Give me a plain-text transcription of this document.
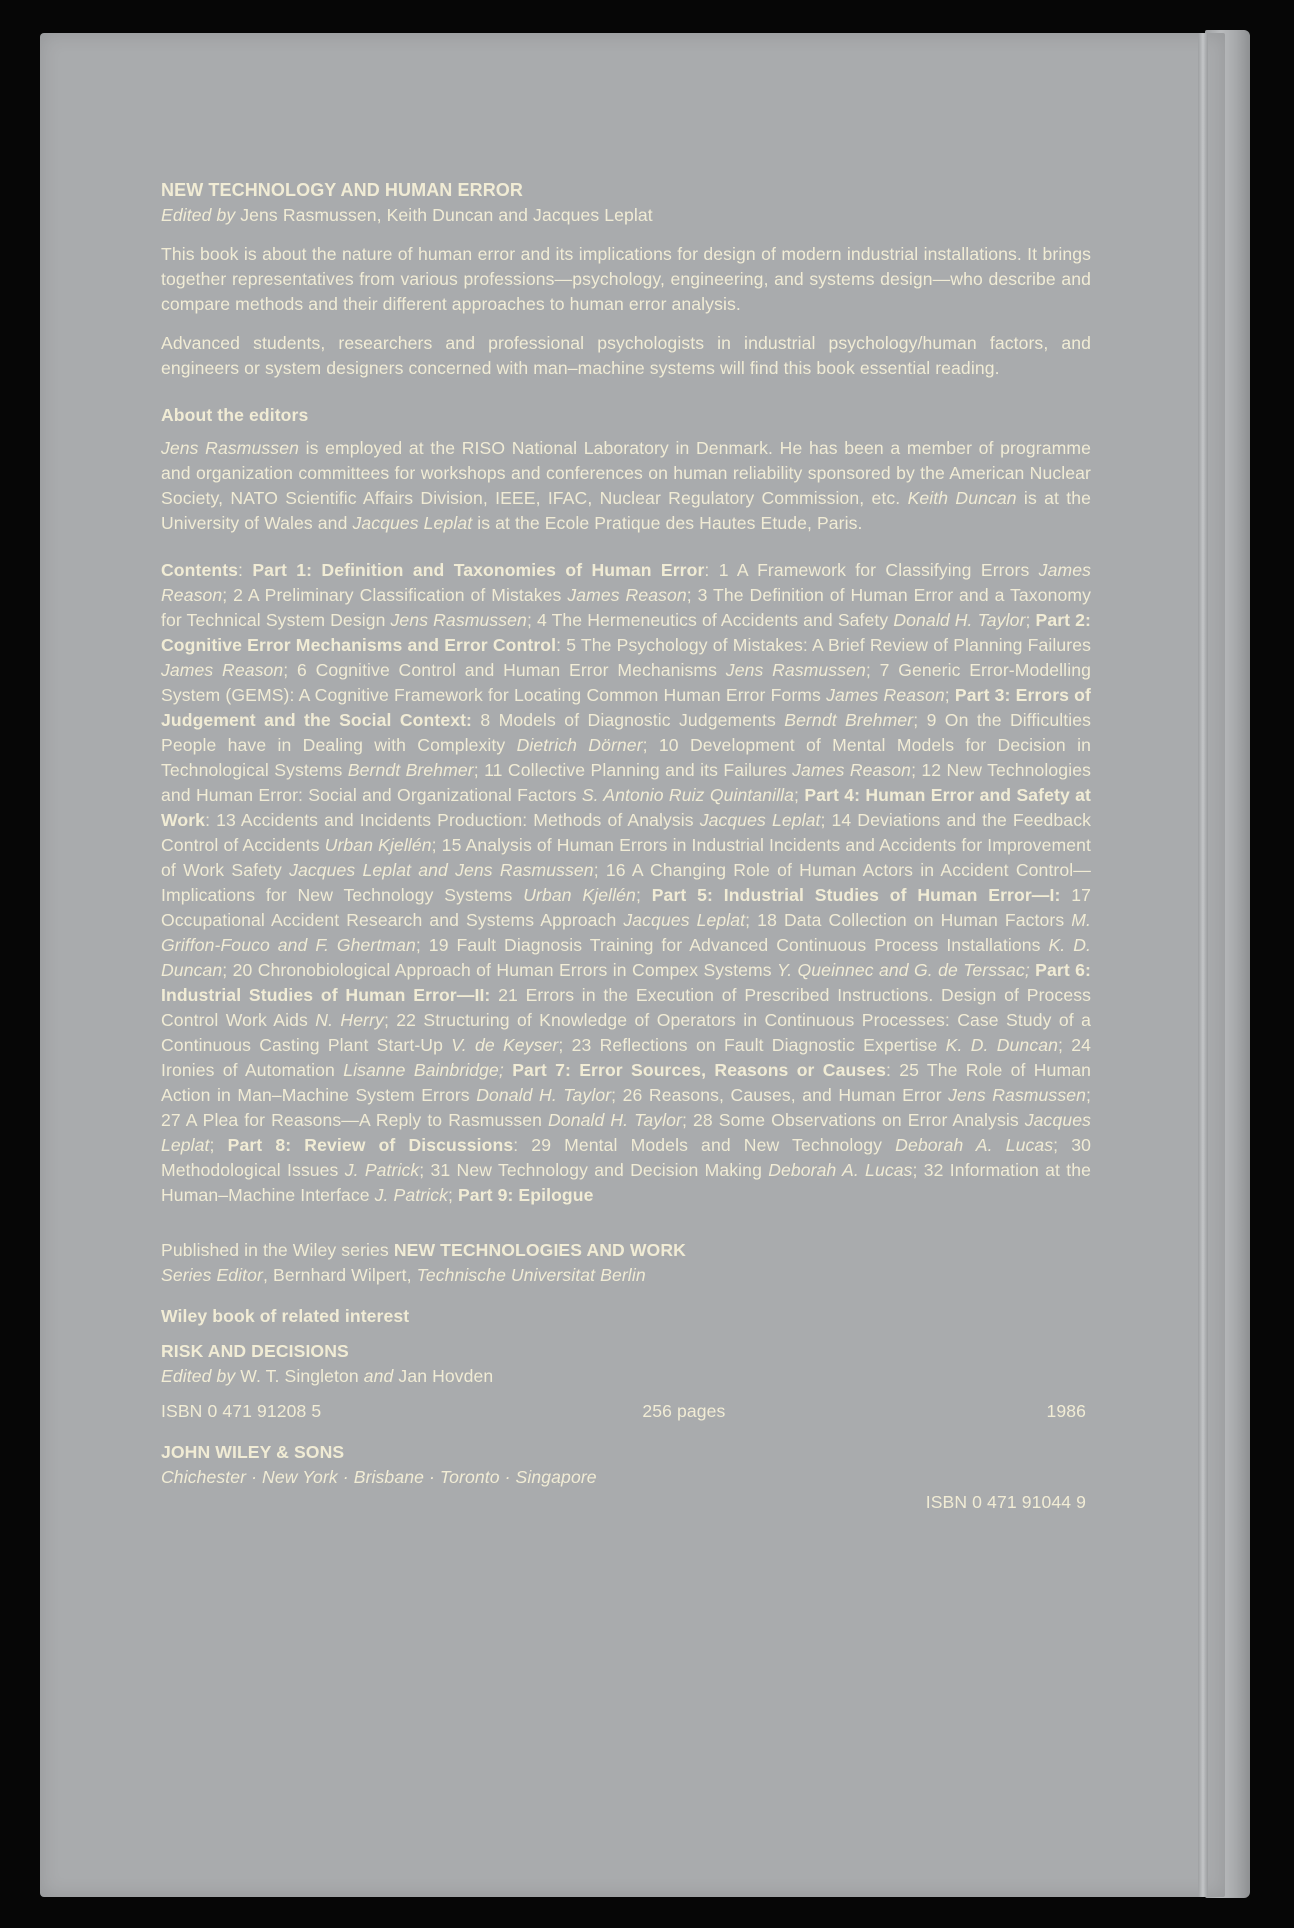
NEW TECHNOLOGY AND HUMAN ERROR

Edited by Jens Rasmussen, Keith Duncan and Jacques Leplat

This book is about the nature of human error and its implications for design of modern industrial installations. It brings together representatives from various professions—psychology, engineering, and systems design—who describe and compare methods and their different approaches to human error analysis.

Advanced students, researchers and professional psychologists in industrial psychology/human factors, and engineers or system designers concerned with man–machine systems will find this book essential reading.

About the editors

Jens Rasmussen is employed at the RISO National Laboratory in Denmark. He has been a member of programme and organization committees for workshops and conferences on human reliability sponsored by the American Nuclear Society, NATO Scientific Affairs Division, IEEE, IFAC, Nuclear Regulatory Commission, etc. Keith Duncan is at the University of Wales and Jacques Leplat is at the Ecole Pratique des Hautes Etude, Paris.

Contents: Part 1: Definition and Taxonomies of Human Error: 1 A Framework for Classifying Errors James Reason; 2 A Preliminary Classification of Mistakes James Reason; 3 The Definition of Human Error and a Taxonomy for Technical System Design Jens Rasmussen; 4 The Hermeneutics of Accidents and Safety Donald H. Taylor; Part 2: Cognitive Error Mechanisms and Error Control: 5 The Psychology of Mistakes: A Brief Review of Planning Failures James Reason; 6 Cognitive Control and Human Error Mechanisms Jens Rasmussen; 7 Generic Error-Modelling System (GEMS): A Cognitive Framework for Locating Common Human Error Forms James Reason; Part 3: Errors of Judgement and the Social Context: 8 Models of Diagnostic Judgements Berndt Brehmer; 9 On the Difficulties People have in Dealing with Complexity Dietrich Dörner; 10 Development of Mental Models for Decision in Technological Systems Berndt Brehmer; 11 Collective Planning and its Failures James Reason; 12 New Technologies and Human Error: Social and Organizational Factors S. Antonio Ruiz Quintanilla; Part 4: Human Error and Safety at Work: 13 Accidents and Incidents Production: Methods of Analysis Jacques Leplat; 14 Deviations and the Feedback Control of Accidents Urban Kjellén; 15 Analysis of Human Errors in Industrial Incidents and Accidents for Improvement of Work Safety Jacques Leplat and Jens Rasmussen; 16 A Changing Role of Human Actors in Accident Control—Implications for New Technology Systems Urban Kjellén; Part 5: Industrial Studies of Human Error—I: 17 Occupational Accident Research and Systems Approach Jacques Leplat; 18 Data Collection on Human Factors M. Griffon-Fouco and F. Ghertman; 19 Fault Diagnosis Training for Advanced Continuous Process Installations K. D. Duncan; 20 Chronobiological Approach of Human Errors in Compex Systems Y. Queinnec and G. de Terssac; Part 6: Industrial Studies of Human Error—II: 21 Errors in the Execution of Prescribed Instructions. Design of Process Control Work Aids N. Herry; 22 Structuring of Knowledge of Operators in Continuous Processes: Case Study of a Continuous Casting Plant Start-Up V. de Keyser; 23 Reflections on Fault Diagnostic Expertise K. D. Duncan; 24 Ironies of Automation Lisanne Bainbridge; Part 7: Error Sources, Reasons or Causes: 25 The Role of Human Action in Man–Machine System Errors Donald H. Taylor; 26 Reasons, Causes, and Human Error Jens Rasmussen; 27 A Plea for Reasons—A Reply to Rasmussen Donald H. Taylor; 28 Some Observations on Error Analysis Jacques Leplat; Part 8: Review of Discussions: 29 Mental Models and New Technology Deborah A. Lucas; 30 Methodological Issues J. Patrick; 31 New Technology and Decision Making Deborah A. Lucas; 32 Information at the Human–Machine Interface J. Patrick; Part 9: Epilogue

Published in the Wiley series NEW TECHNOLOGIES AND WORK

Series Editor, Bernhard Wilpert, Technische Universitat Berlin

Wiley book of related interest

RISK AND DECISIONS

Edited by W. T. Singleton and Jan Hovden

ISBN 0 471 91208 5	256 pages	1986

JOHN WILEY & SONS

Chichester · New York · Brisbane · Toronto · Singapore

ISBN 0 471 91044 9
